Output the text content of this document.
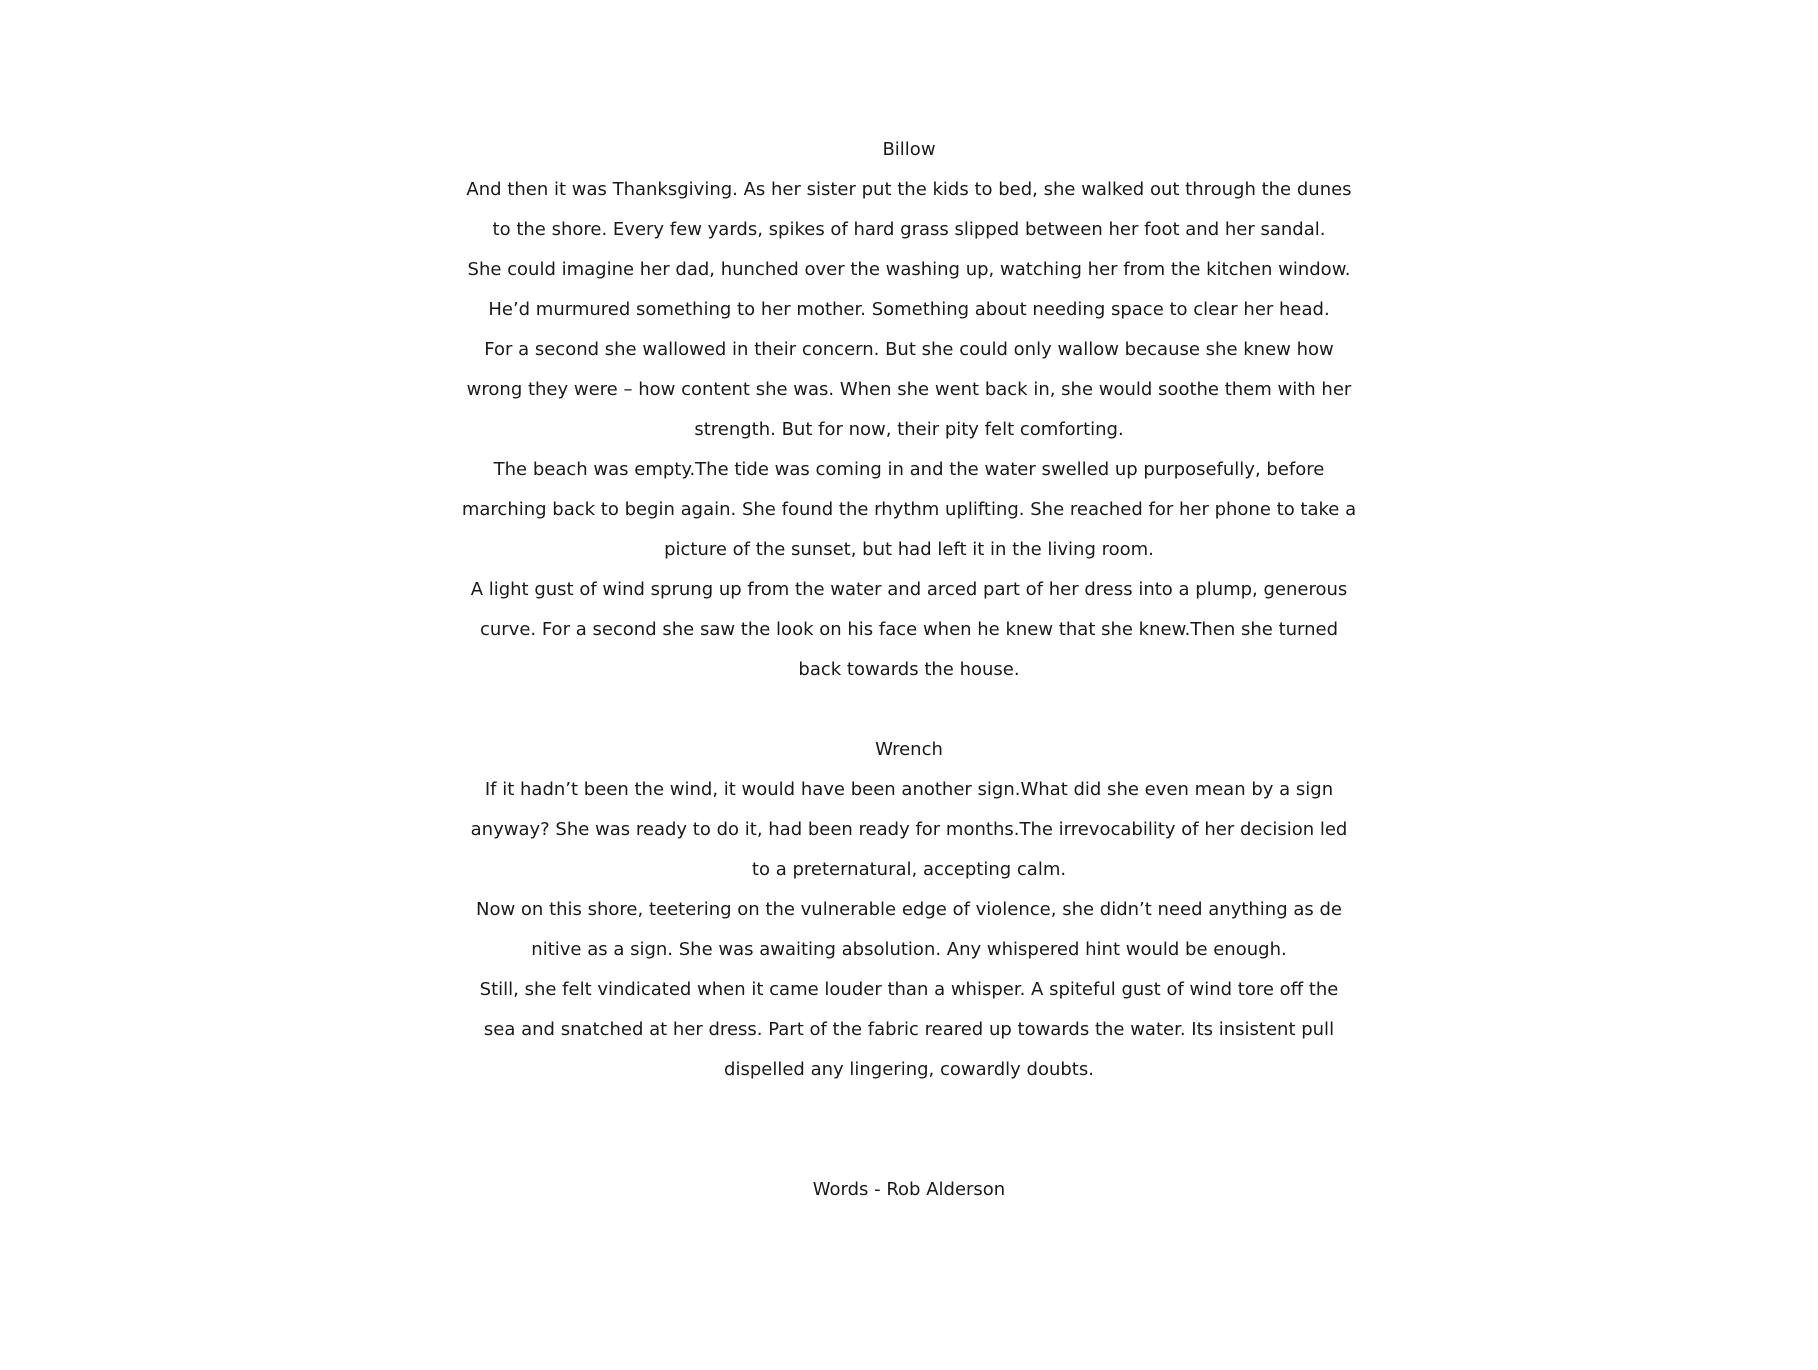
Billow
And then it was Thanksgiving. As her sister put the kids to bed, she walked out through the dunes
to the shore. Every few yards, spikes of hard grass slipped between her foot and her sandal.
She could imagine her dad, hunched over the washing up, watching her from the kitchen window.
He’d murmured something to her mother. Something about needing space to clear her head.
For a second she wallowed in their concern. But she could only wallow because she knew how
wrong they were – how content she was. When she went back in, she would soothe them with her
strength. But for now, their pity felt comforting.
The beach was empty.The tide was coming in and the water swelled up purposefully, before
marching back to begin again. She found the rhythm uplifting. She reached for her phone to take a
picture of the sunset, but had left it in the living room.
A light gust of wind sprung up from the water and arced part of her dress into a plump, generous
curve. For a second she saw the look on his face when he knew that she knew.Then she turned
back towards the house.
Wrench
If it hadn’t been the wind, it would have been another sign.What did she even mean by a sign
anyway? She was ready to do it, had been ready for months.The irrevocability of her decision led
to a preternatural, accepting calm.
Now on this shore, teetering on the vulnerable edge of violence, she didn’t need anything as de
nitive as a sign. She was awaiting absolution. Any whispered hint would be enough.
Still, she felt vindicated when it came louder than a whisper. A spiteful gust of wind tore off the
sea and snatched at her dress. Part of the fabric reared up towards the water. Its insistent pull
dispelled any lingering, cowardly doubts.
Words - Rob Alderson
